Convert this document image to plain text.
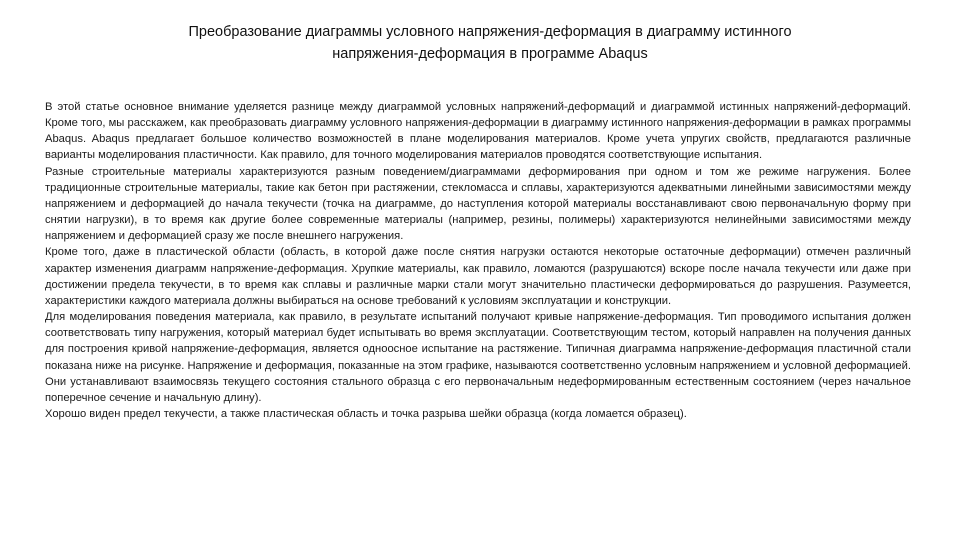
Преобразование диаграммы условного напряжения-деформация в диаграмму истинного
напряжения-деформация в программе Abaqus

В этой статье основное внимание уделяется разнице между диаграммой условных напряжений-деформаций и диаграммой истинных напряжений-деформаций. Кроме того, мы расскажем, как преобразовать диаграмму условного напряжения-деформации в диаграмму истинного напряжения-деформации в рамках программы Abaqus. Abaqus предлагает большое количество возможностей в плане моделирования материалов. Кроме учета упругих свойств, предлагаются различные варианты моделирования пластичности. Как правило, для точного моделирования материалов проводятся соответствующие испытания.

Разные строительные материалы характеризуются разным поведением/диаграммами деформирования при одном и том же режиме нагружения. Более традиционные строительные материалы, такие как бетон при растяжении, стекломасса и сплавы, характеризуются адекватными линейными зависимостями между напряжением и деформацией до начала текучести (точка на диаграмме, до наступления которой материалы восстанавливают свою первоначальную форму при снятии нагрузки), в то время как другие более современные материалы (например, резины, полимеры) характеризуются нелинейными зависимостями между напряжением и деформацией сразу же после внешнего нагружения.

Кроме того, даже в пластической области (область, в которой даже после снятия нагрузки остаются некоторые остаточные деформации) отмечен различный характер изменения диаграмм напряжение-деформация. Хрупкие материалы, как правило, ломаются (разрушаются) вскоре после начала текучести или даже при достижении предела текучести, в то время как сплавы и различные марки стали могут значительно пластически деформироваться до разрушения. Разумеется, характеристики каждого материала должны выбираться на основе требований к условиям эксплуатации и конструкции.

Для моделирования поведения материала, как правило, в результате испытаний получают кривые напряжение-деформация. Тип проводимого испытания должен соответствовать типу нагружения, который материал будет испытывать во время эксплуатации. Соответствующим тестом, который направлен на получения данных для построения кривой напряжение-деформация, является одноосное испытание на растяжение. Типичная диаграмма напряжение-деформация пластичной стали показана ниже на рисунке. Напряжение и деформация, показанные на этом графике, называются соответственно условным напряжением и условной деформацией. Они устанавливают взаимосвязь текущего состояния стального образца с его первоначальным недеформированным естественным состоянием (через начальное поперечное сечение и начальную длину).

Хорошо виден предел текучести, а также пластическая область и точка разрыва шейки образца (когда ломается образец).
